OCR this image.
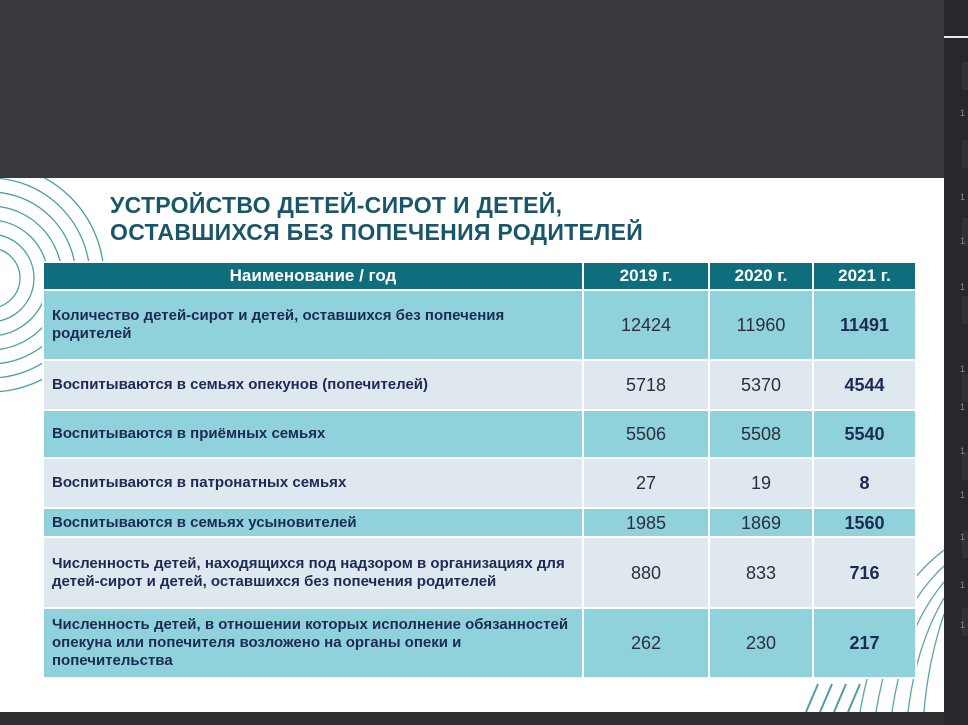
1
1
1
1
1
1
1
1
1
1
1
УСТРОЙСТВО ДЕТЕЙ-СИРОТ И ДЕТЕЙ,
ОСТАВШИХСЯ БЕЗ ПОПЕЧЕНИЯ РОДИТЕЛЕЙ
Наименование / год	2019 г.	2020 г.	2021 г.
Количество детей-сирот и детей, оставшихся без попечения родителей	12424	11960	11491
Воспитываются в семьях опекунов (попечителей)	5718	5370	4544
Воспитываются в приёмных семьях	5506	5508	5540
Воспитываются в патронатных семьях	27	19	8
Воспитываются в семьях усыновителей	1985	1869	1560
Численность детей, находящихся под надзором в организациях для детей-сирот и детей, оставшихся без попечения родителей	880	833	716
Численность детей, в отношении которых исполнение обязанностей опекуна или попечителя возложено на органы опеки и попечительства	262	230	217
